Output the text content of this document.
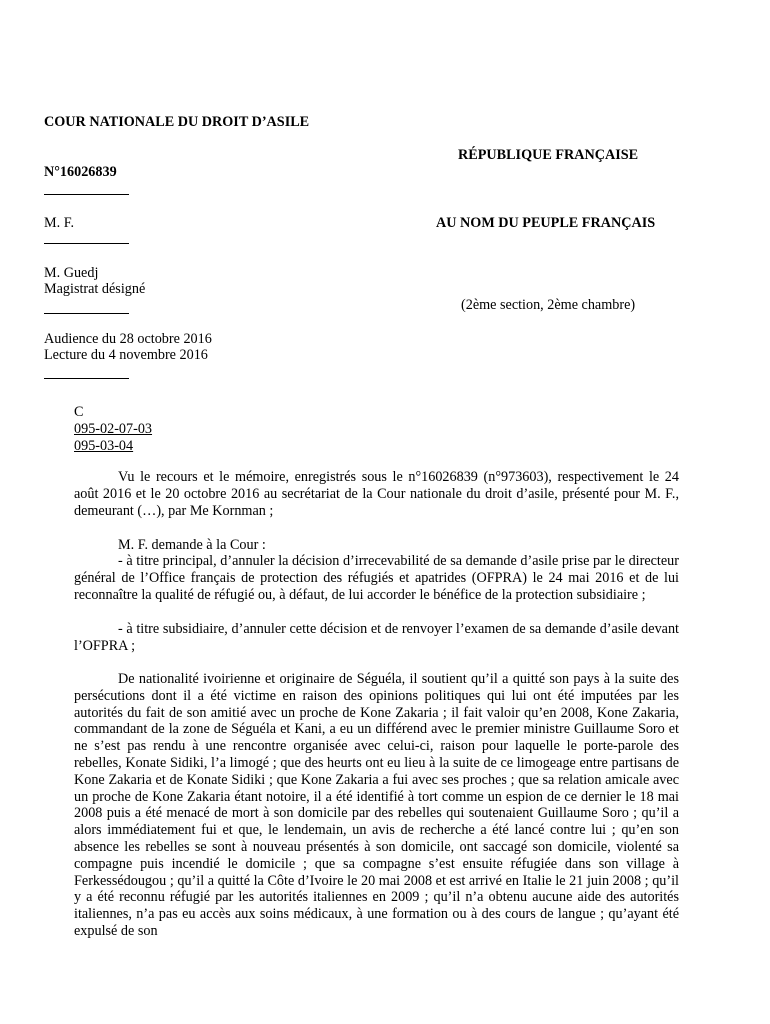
COUR NATIONALE DU DROIT D’ASILE
RÉPUBLIQUE FRANÇAISE
N°16026839
M. F.	AU NOM DU PEUPLE FRANÇAIS
M. Guedj
Magistrat désigné
(2ème section, 2ème chambre)
Audience du 28 octobre 2016
Lecture du 4 novembre 2016
C
095-02-07-03
095-03-04
Vu le recours et le mémoire, enregistrés sous le n°16026839 (n°973603), respectivement le 24 août 2016 et le 20 octobre 2016 au secrétariat de la Cour nationale du droit d’asile, présenté pour M. F., demeurant (…), par Me Kornman ;
M. F. demande à la Cour :
- à titre principal, d’annuler la décision d’irrecevabilité de sa demande d’asile prise par le directeur général de l’Office français de protection des réfugiés et apatrides (OFPRA) le 24 mai 2016 et de lui reconnaître la qualité de réfugié ou, à défaut, de lui accorder le bénéfice de la protection subsidiaire ;
- à titre subsidiaire, d’annuler cette décision et de renvoyer l’examen de sa demande d’asile devant l’OFPRA ;
De nationalité ivoirienne et originaire de Séguéla, il soutient qu’il a quitté son pays à la suite des persécutions dont il a été victime en raison des opinions politiques qui lui ont été imputées par les autorités du fait de son amitié avec un proche de Kone Zakaria ; il fait valoir qu’en 2008, Kone Zakaria, commandant de la zone de Séguéla et Kani, a eu un différend avec le premier ministre Guillaume Soro et ne s’est pas rendu à une rencontre organisée avec celui-ci, raison pour laquelle le porte-parole des rebelles, Konate Sidiki, l’a limogé ; que des heurts ont eu lieu à la suite de ce limogeage entre partisans de Kone Zakaria et de Konate Sidiki ; que Kone Zakaria a fui avec ses proches ; que sa relation amicale avec un proche de Kone Zakaria étant notoire, il a été identifié à tort comme un espion de ce dernier le 18 mai 2008 puis a été menacé de mort à son domicile par des rebelles qui soutenaient Guillaume Soro ; qu’il a alors immédiatement fui et que, le lendemain, un avis de recherche a été lancé contre lui ; qu’en son absence les rebelles se sont à nouveau présentés à son domicile, ont saccagé son domicile, violenté sa compagne puis incendié le domicile ; que sa compagne s’est ensuite réfugiée dans son village à Ferkessédougou ; qu’il a quitté la Côte d’Ivoire le 20 mai 2008 et est arrivé en Italie le 21 juin 2008 ; qu’il y a été reconnu réfugié par les autorités italiennes en 2009 ; qu’il n’a obtenu aucune aide des autorités italiennes, n’a pas eu accès aux soins médicaux, à une formation ou à des cours de langue ; qu’ayant été expulsé de son
